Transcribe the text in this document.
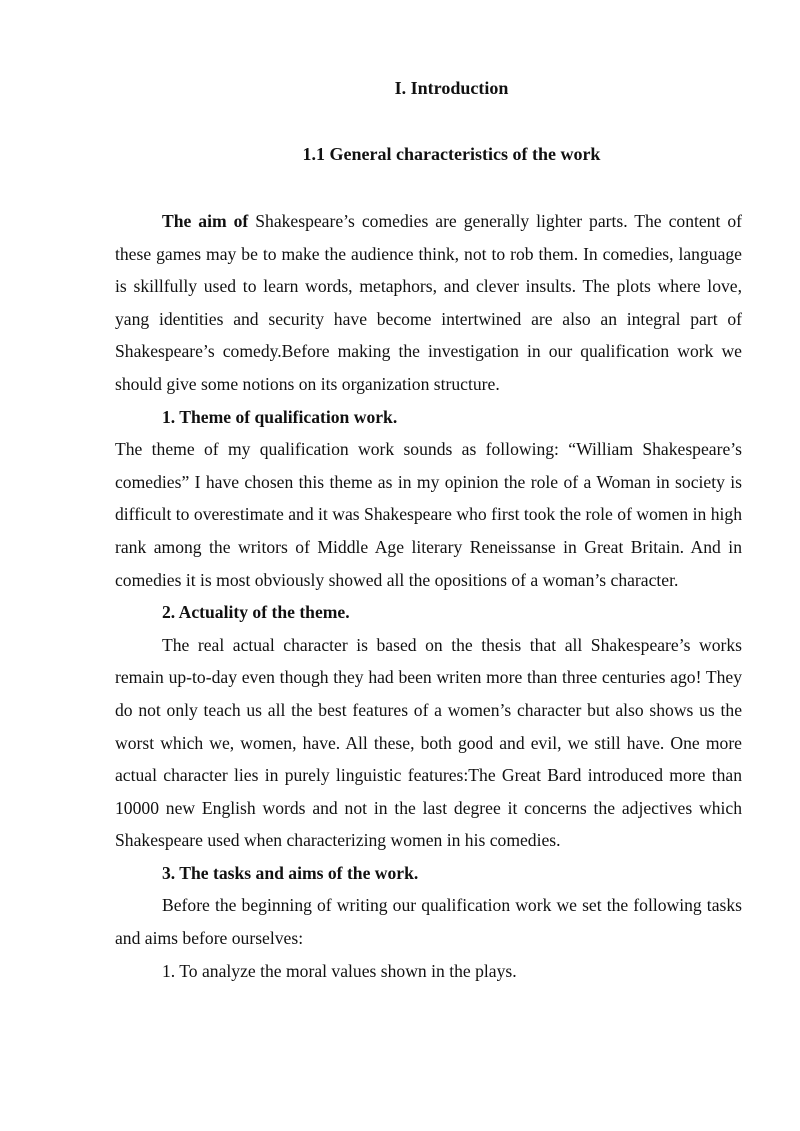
I. Introduction
1.1 General characteristics of the work

The aim of Shakespeare’s comedies are generally lighter parts. The content of these games may be to make the audience think, not to rob them. In comedies, language is skillfully used to learn words, metaphors, and clever insults. The plots where love, yang identities and security have become intertwined are also an integral part of Shakespeare’s comedy.Before making the investigation in our qualification work we should give some notions on its organization structure.

1. Theme of qualification work.

The theme of my qualification work sounds as following: “William Shakespeare’s comedies” I have chosen this theme as in my opinion the role of a Woman in society is difficult to overestimate and it was Shakespeare who first took the role of women in high rank among the writors of Middle Age literary Reneissanse in Great Britain. And in comedies it is most obviously showed all the opositions of a woman’s character.

2. Actuality of the theme.

The real actual character is based on the thesis that all Shakespeare’s works remain up-to-day even though they had been writen more than three centuries ago! They do not only teach us all the best features of a women’s character but also shows us the worst which we, women, have. All these, both good and evil, we still have. One more actual character lies in purely linguistic features:The Great Bard introduced more than 10000 new English words and not in the last degree it concerns the adjectives which Shakespeare used when characterizing women in his comedies.

3. The tasks and aims of the work.

Before the beginning of writing our qualification work we set the following tasks and aims before ourselves:

1. To analyze the moral values shown in the plays.
